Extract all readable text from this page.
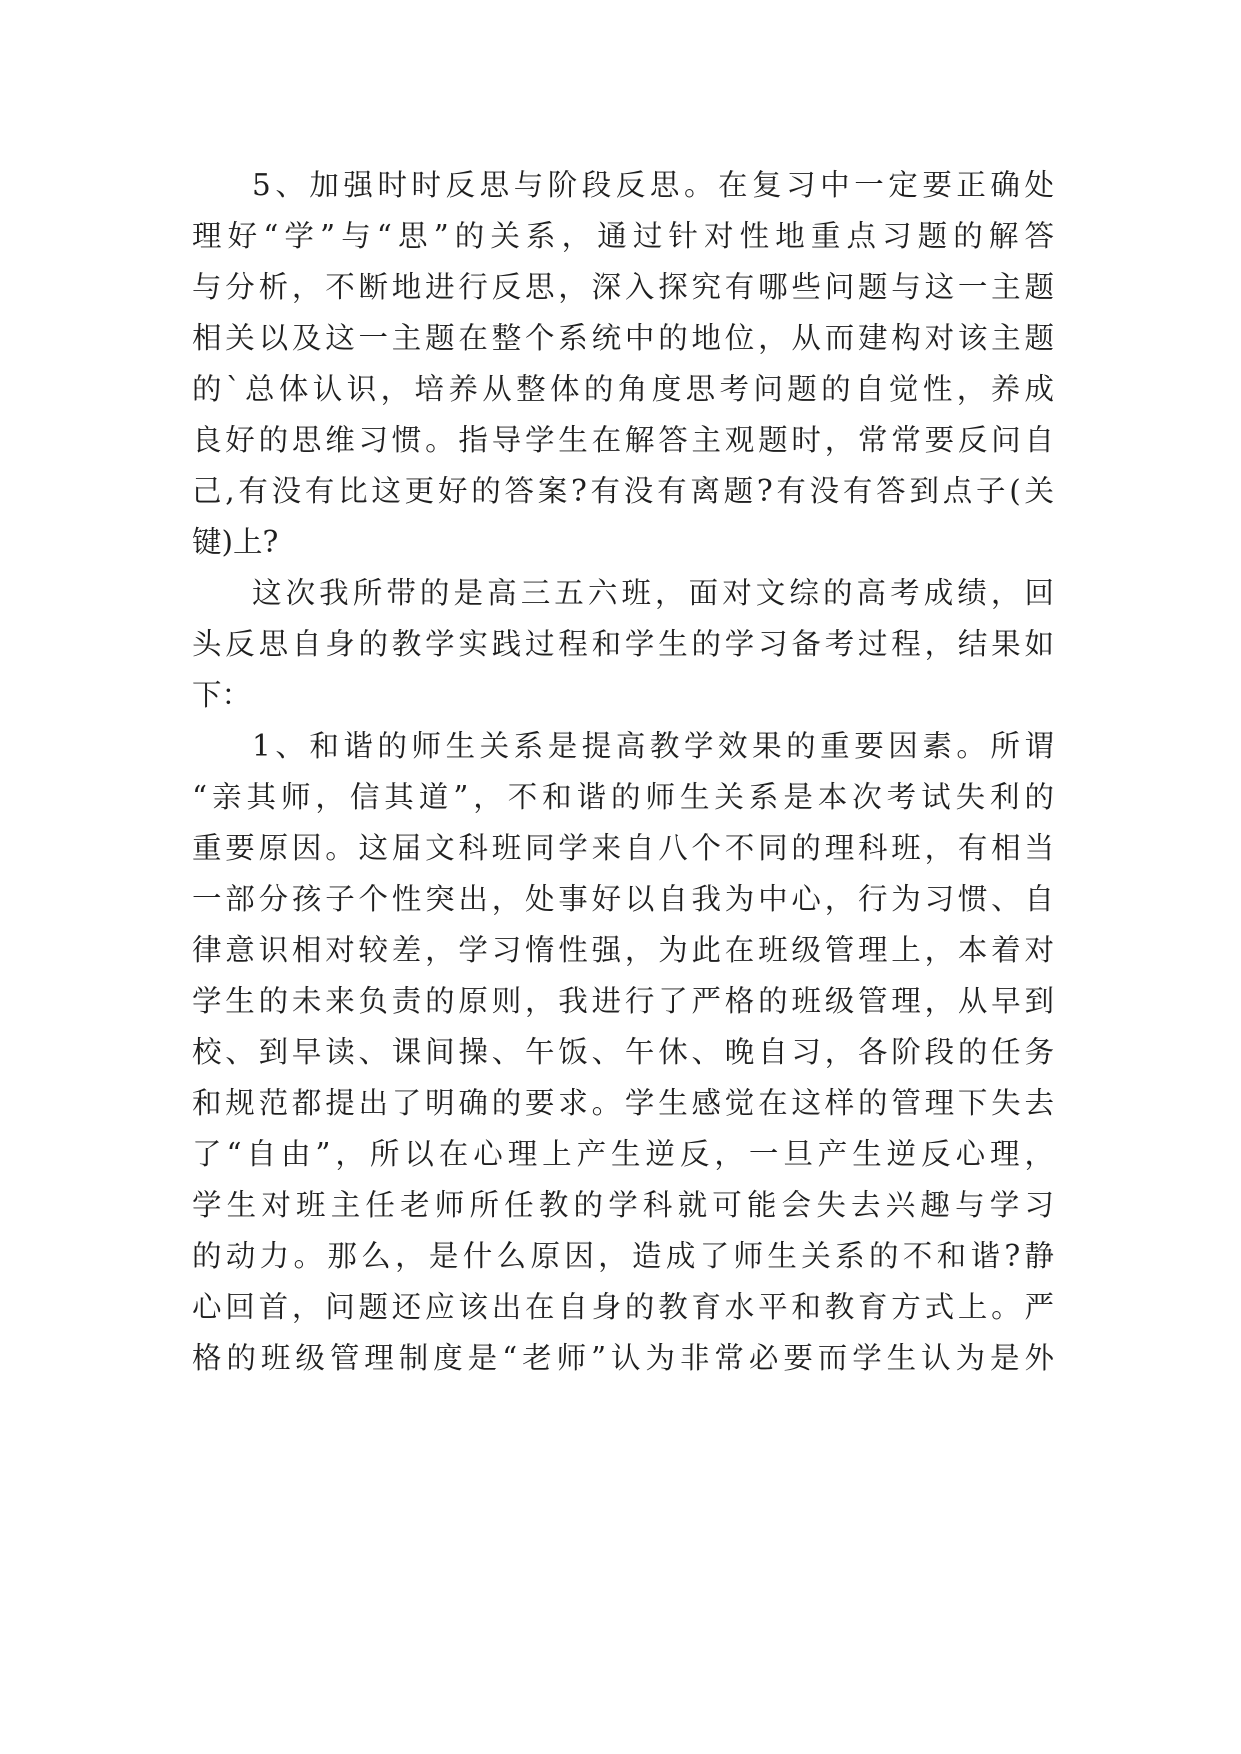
5、加强时时反思与阶段反思。在复习中一定要正确处
理好“学”与“思”的关系，通过针对性地重点习题的解答
与分析，不断地进行反思，深入探究有哪些问题与这一主题
相关以及这一主题在整个系统中的地位，从而建构对该主题
的`总体认识，培养从整体的角度思考问题的自觉性，养成
良好的思维习惯。指导学生在解答主观题时，常常要反问自
己,有没有比这更好的答案?有没有离题?有没有答到点子(关
键)上?
这次我所带的是高三五六班，面对文综的高考成绩，回
头反思自身的教学实践过程和学生的学习备考过程，结果如
下：
1、和谐的师生关系是提高教学效果的重要因素。所谓
“亲其师，信其道”，不和谐的师生关系是本次考试失利的
重要原因。这届文科班同学来自八个不同的理科班，有相当
一部分孩子个性突出，处事好以自我为中心，行为习惯、自
律意识相对较差，学习惰性强，为此在班级管理上，本着对
学生的未来负责的原则，我进行了严格的班级管理，从早到
校、到早读、课间操、午饭、午休、晚自习，各阶段的任务
和规范都提出了明确的要求。学生感觉在这样的管理下失去
了“自由”，所以在心理上产生逆反，一旦产生逆反心理，
学生对班主任老师所任教的学科就可能会失去兴趣与学习
的动力。那么，是什么原因，造成了师生关系的不和谐?静
心回首，问题还应该出在自身的教育水平和教育方式上。严
格的班级管理制度是“老师”认为非常必要而学生认为是外
